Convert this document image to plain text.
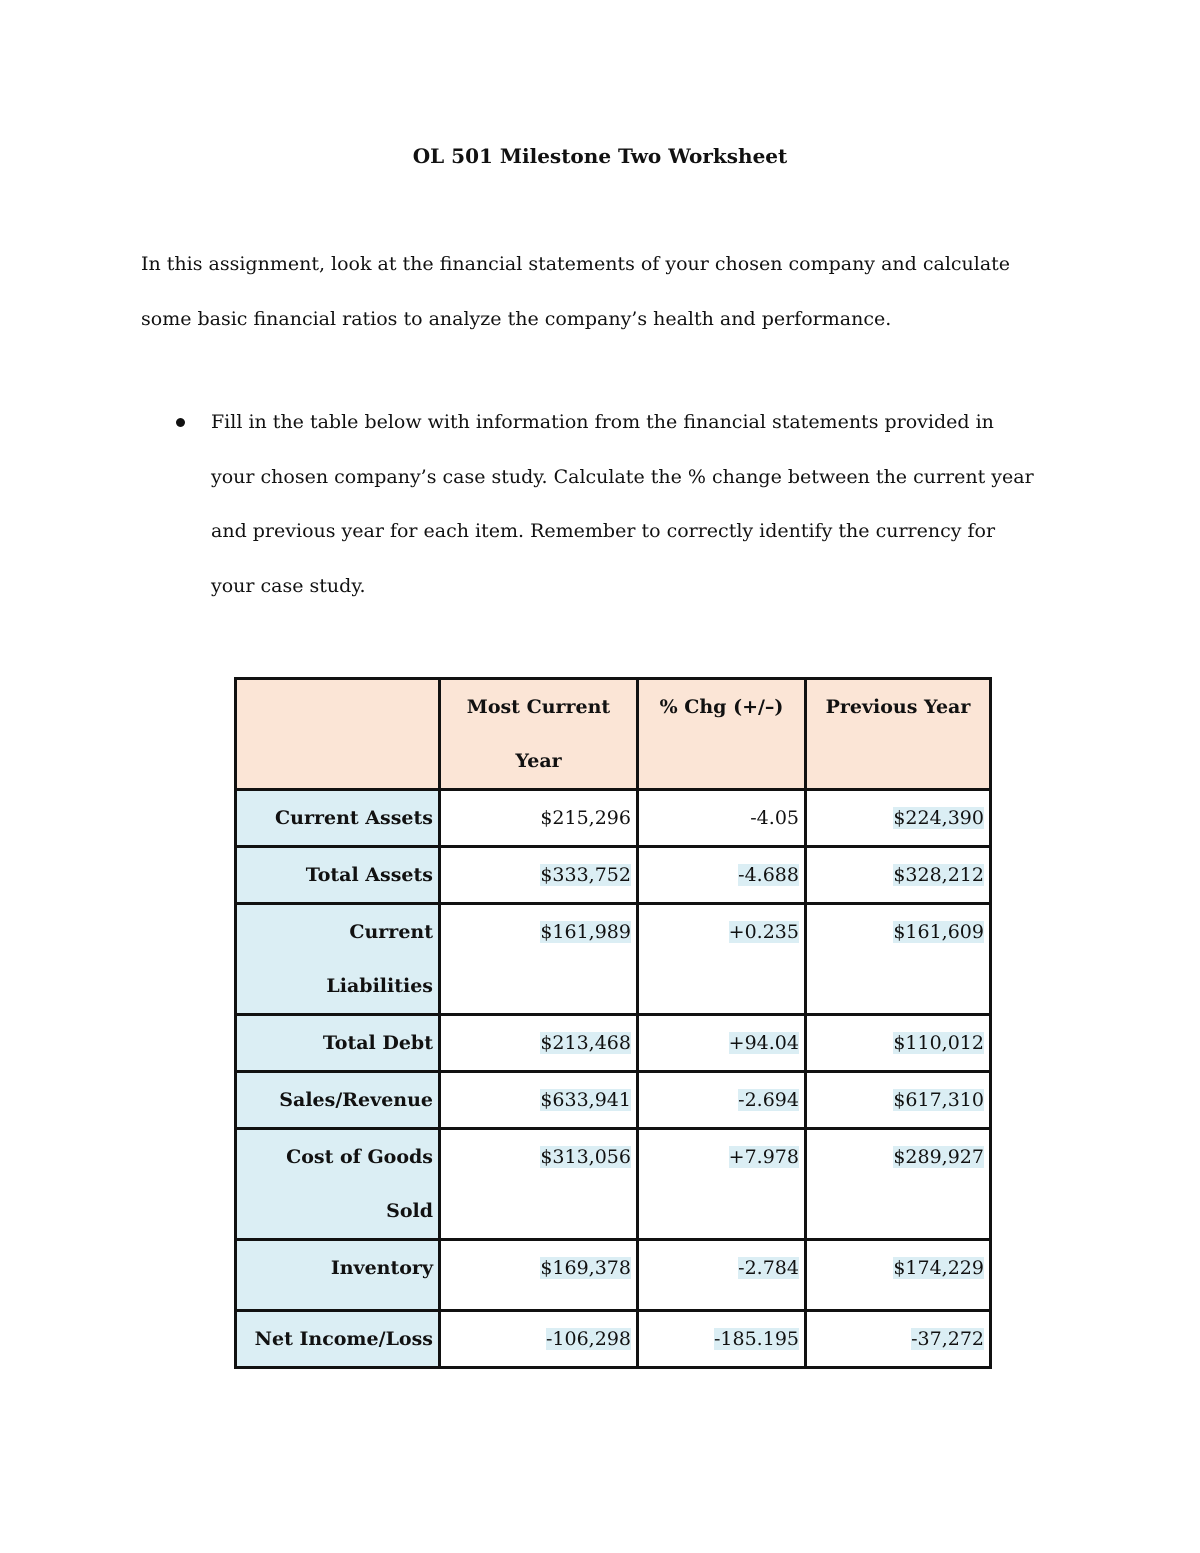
OL 501 Milestone Two Worksheet

In this assignment, look at the financial statements of your chosen company and calculate some basic financial ratios to analyze the company’s health and performance.

Fill in the table below with information from the financial statements provided in your chosen company’s case study. Calculate the % change between the current year and previous year for each item. Remember to correctly identify the currency for your case study.
	Most Current Year	% Chg (+/–)	Previous Year
Current Assets	$215,296	-4.05	$224,390
Total Assets	$333,752	-4.688	$328,212
Current Liabilities	$161,989	+0.235	$161,609
Total Debt	$213,468	+94.04	$110,012
Sales/Revenue	$633,941	-2.694	$617,310
Cost of Goods Sold	$313,056	+7.978	$289,927
Inventory	$169,378	-2.784	$174,229
Net Income/Loss	-106,298	-185.195	-37,272
